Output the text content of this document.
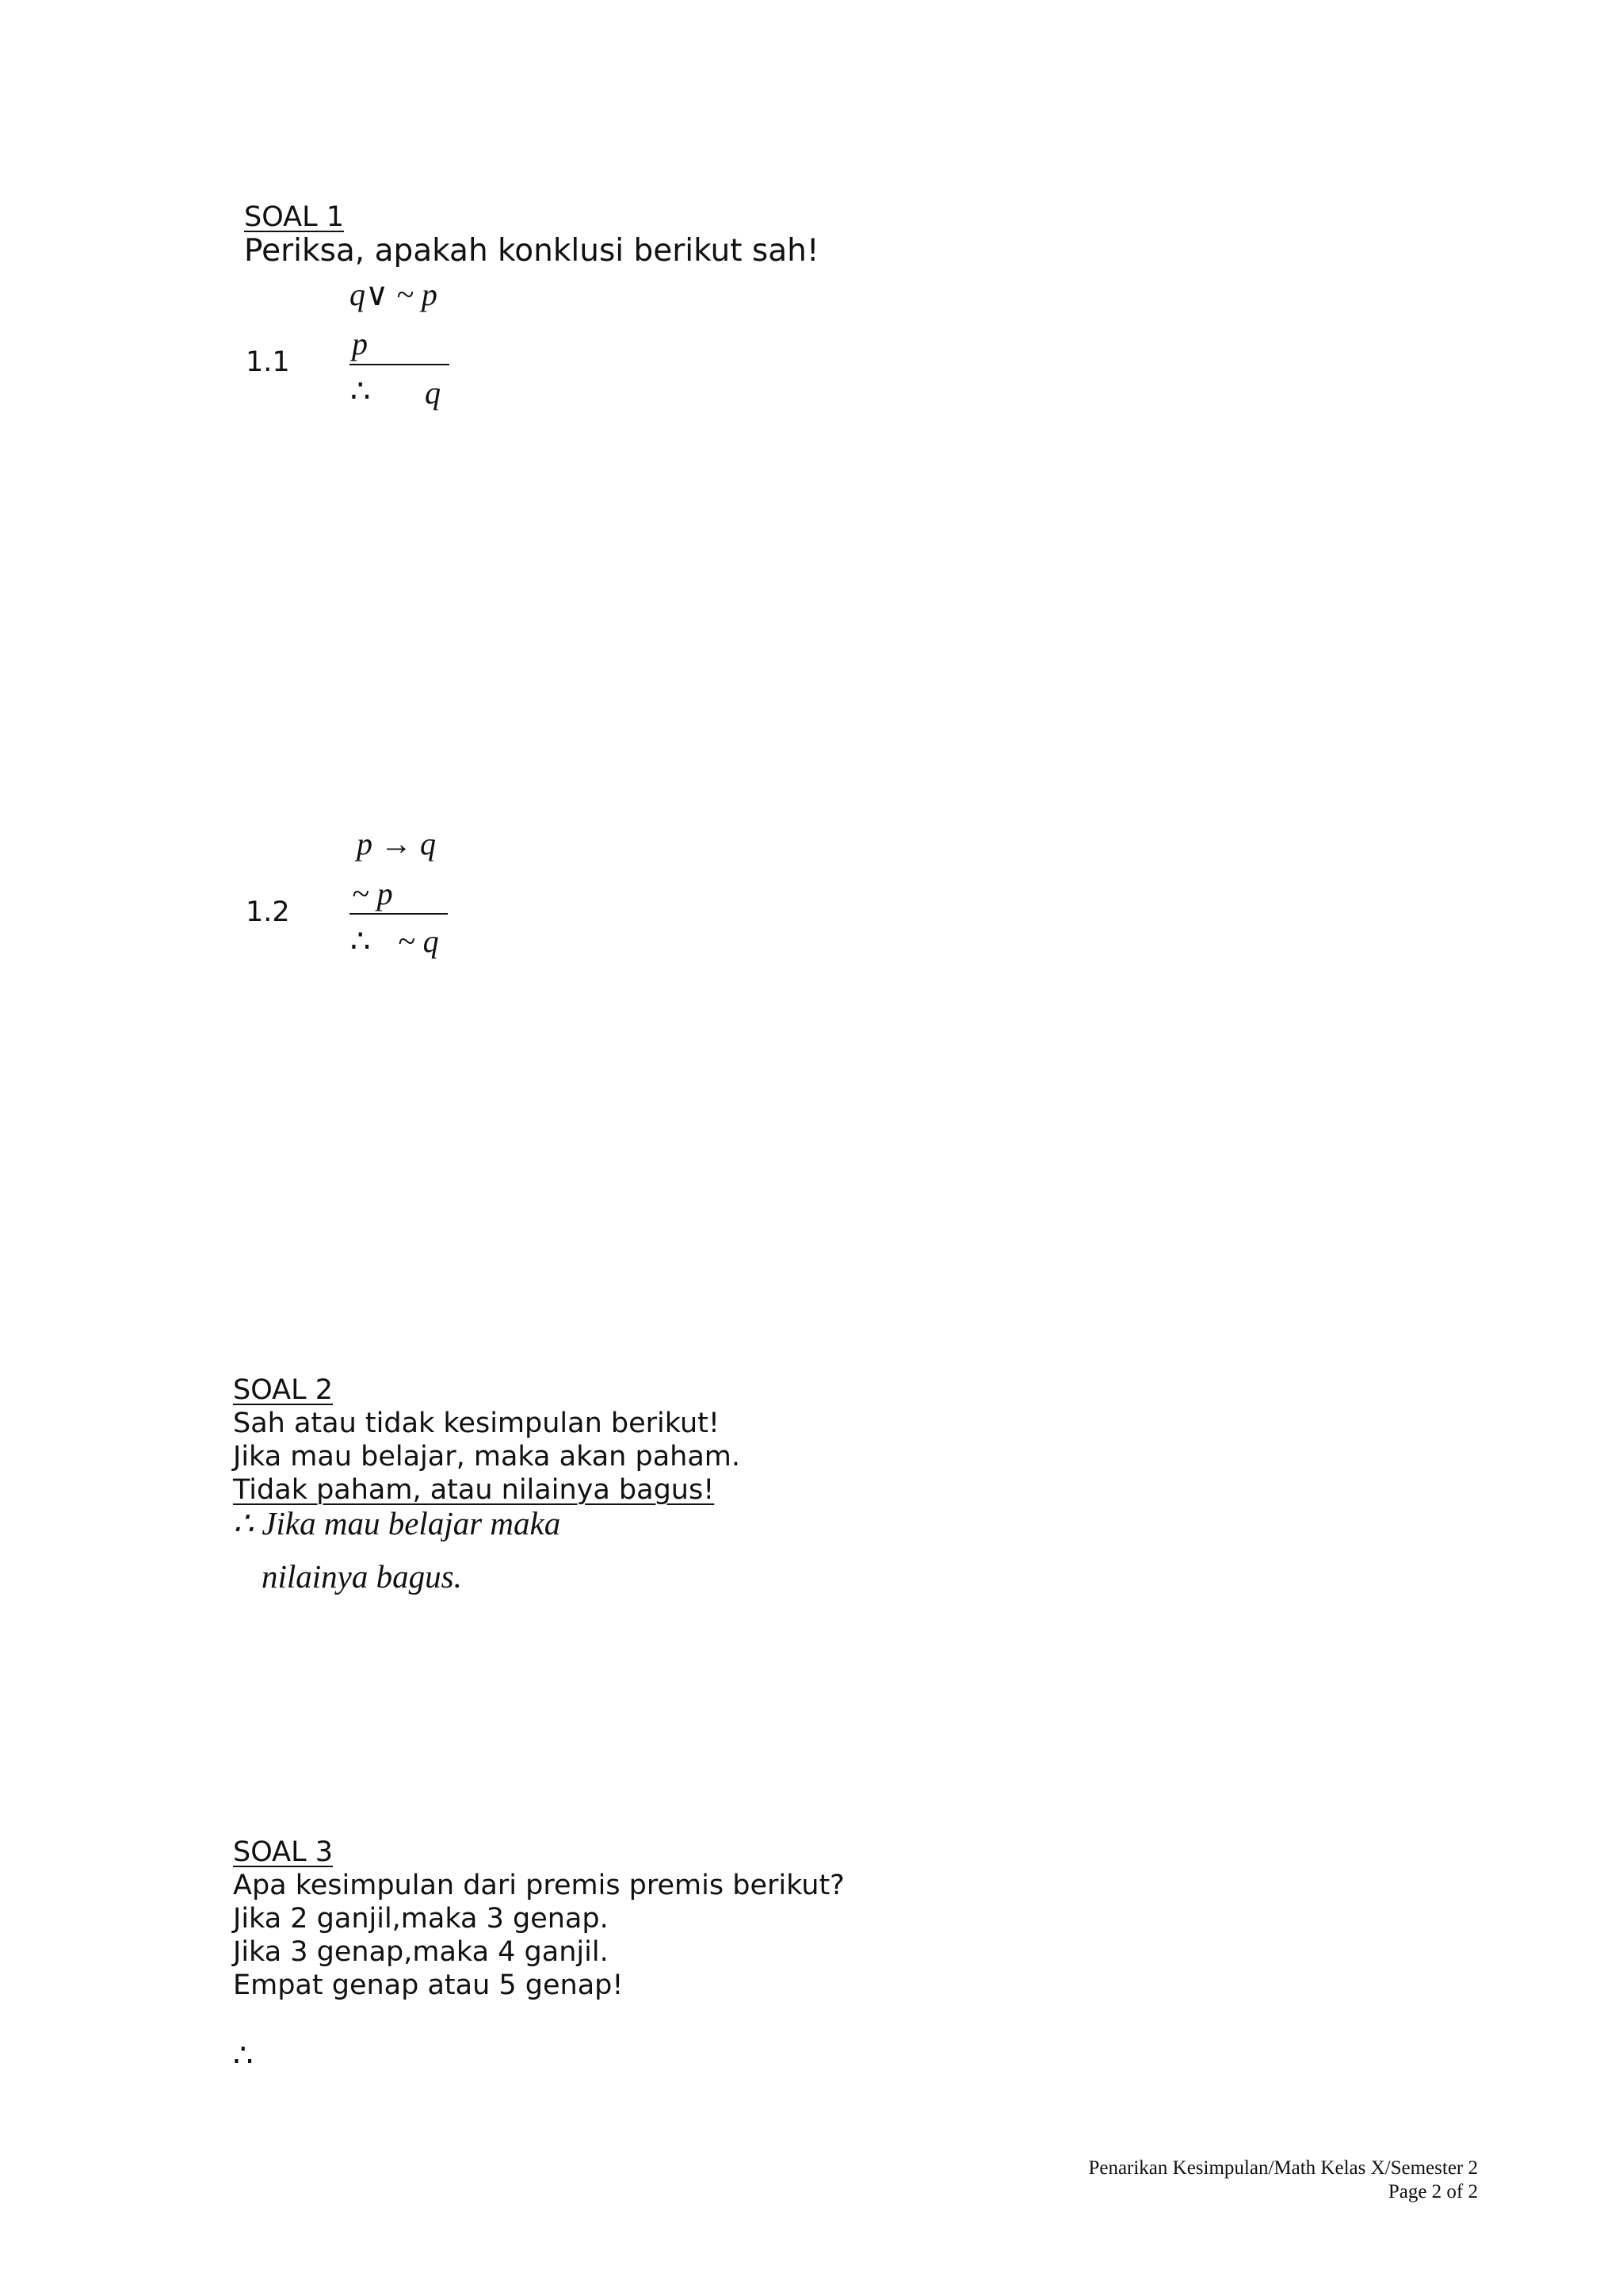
SOAL 1
Periksa, apakah konklusi berikut sah!
1.1
q∨ ~ p
p
∴ q
1.2
p → q
~ p
∴ ~ q
SOAL 2
Sah atau tidak kesimpulan berikut!
Jika mau belajar, maka akan paham.
Tidak paham, atau nilainya bagus!
∴ Jika mau belajar maka
nilainya bagus.
SOAL 3
Apa kesimpulan dari premis premis berikut?
Jika 2 ganjil,maka 3 genap.
Jika 3 genap,maka 4 ganjil.
Empat genap atau 5 genap!
∴
Penarikan Kesimpulan/Math Kelas X/Semester 2
Page 2 of 2
